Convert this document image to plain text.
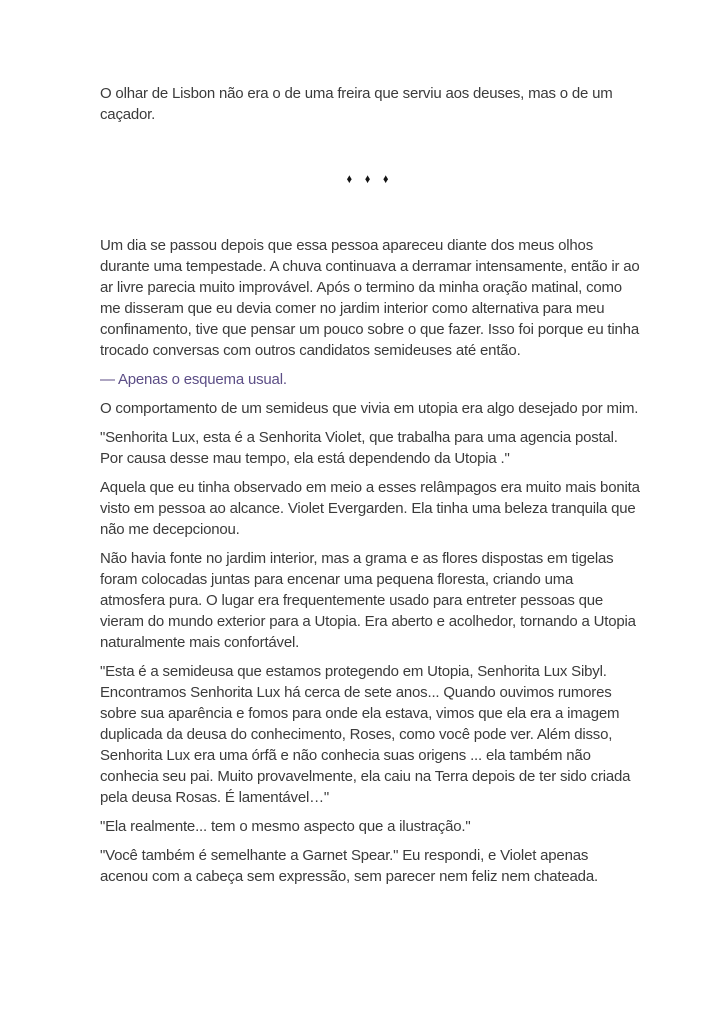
O olhar de Lisbon não era o de uma freira que serviu aos deuses, mas o de um caçador.

♦ ♦ ♦

Um dia se passou depois que essa pessoa apareceu diante dos meus olhos durante uma tempestade. A chuva continuava a derramar intensamente, então ir ao ar livre parecia muito improvável. Após o termino da minha oração matinal, como me disseram que eu devia comer no jardim interior como alternativa para meu confinamento, tive que pensar um pouco sobre o que fazer. Isso foi porque eu tinha trocado conversas com outros candidatos semideuses até então.

— Apenas o esquema usual.

O comportamento de um semideus que vivia em utopia era algo desejado por mim.

"Senhorita Lux, esta é a Senhorita Violet, que trabalha para uma agencia postal. Por causa desse mau tempo, ela está dependendo da Utopia ."

Aquela que eu tinha observado em meio a esses relâmpagos era muito mais bonita visto em pessoa ao alcance. Violet Evergarden. Ela tinha uma beleza tranquila que não me decepcionou.

Não havia fonte no jardim interior, mas a grama e as flores dispostas em tigelas foram colocadas juntas para encenar uma pequena floresta, criando uma atmosfera pura. O lugar era frequentemente usado para entreter pessoas que vieram do mundo exterior para a Utopia. Era aberto e acolhedor, tornando a Utopia naturalmente mais confortável.

"Esta é a semideusa que estamos protegendo em Utopia, Senhorita Lux Sibyl. Encontramos Senhorita Lux há cerca de sete anos... Quando ouvimos rumores sobre sua aparência e fomos para onde ela estava, vimos que ela era a imagem duplicada da deusa do conhecimento, Roses, como você pode ver. Além disso, Senhorita Lux era uma órfã e não conhecia suas origens ... ela também não conhecia seu pai. Muito provavelmente, ela caiu na Terra depois de ter sido criada pela deusa Rosas. É lamentável…"

"Ela realmente... tem o mesmo aspecto que a ilustração."

"Você também é semelhante a Garnet Spear." Eu respondi, e Violet apenas acenou com a cabeça sem expressão, sem parecer nem feliz nem chateada.
